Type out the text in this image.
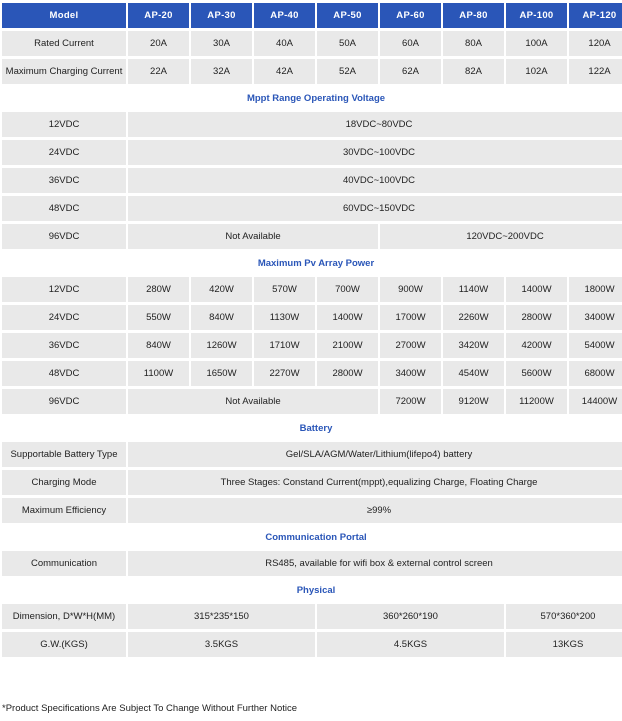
Model	AP-20	AP-30	AP-40	AP-50	AP-60	AP-80	AP-100	AP-120
Rated Current	20A	30A	40A	50A	60A	80A	100A	120A
Maximum Charging Current	22A	32A	42A	52A	62A	82A	102A	122A
Mppt Range Operating Voltage								
12VDC	18VDC~80VDC							
24VDC	30VDC~100VDC							
36VDC	40VDC~100VDC							
48VDC	60VDC~150VDC							
96VDC	Not Available				120VDC~200VDC			
Maximum Pv Array Power								
12VDC	280W	420W	570W	700W	900W	1140W	1400W	1800W
24VDC	550W	840W	1130W	1400W	1700W	2260W	2800W	3400W
36VDC	840W	1260W	1710W	2100W	2700W	3420W	4200W	5400W
48VDC	1100W	1650W	2270W	2800W	3400W	4540W	5600W	6800W
96VDC	Not Available				7200W	9120W	11200W	14400W
Battery								
Supportable Battery Type	Gel/SLA/AGM/Water/Lithium(lifepo4) battery							
Charging Mode	Three Stages: Constand Current(mppt),equalizing Charge, Floating Charge							
Maximum Efficiency	≥99%							
Communication Portal								
Communication	RS485, available for wifi box & external control screen							
Physical								
Dimension, D*W*H(MM)	315*235*150			360*260*190			570*360*200	
G.W.(KGS)	3.5KGS			4.5KGS			13KGS	
*Product Specifications Are Subject To Change Without Further Notice
